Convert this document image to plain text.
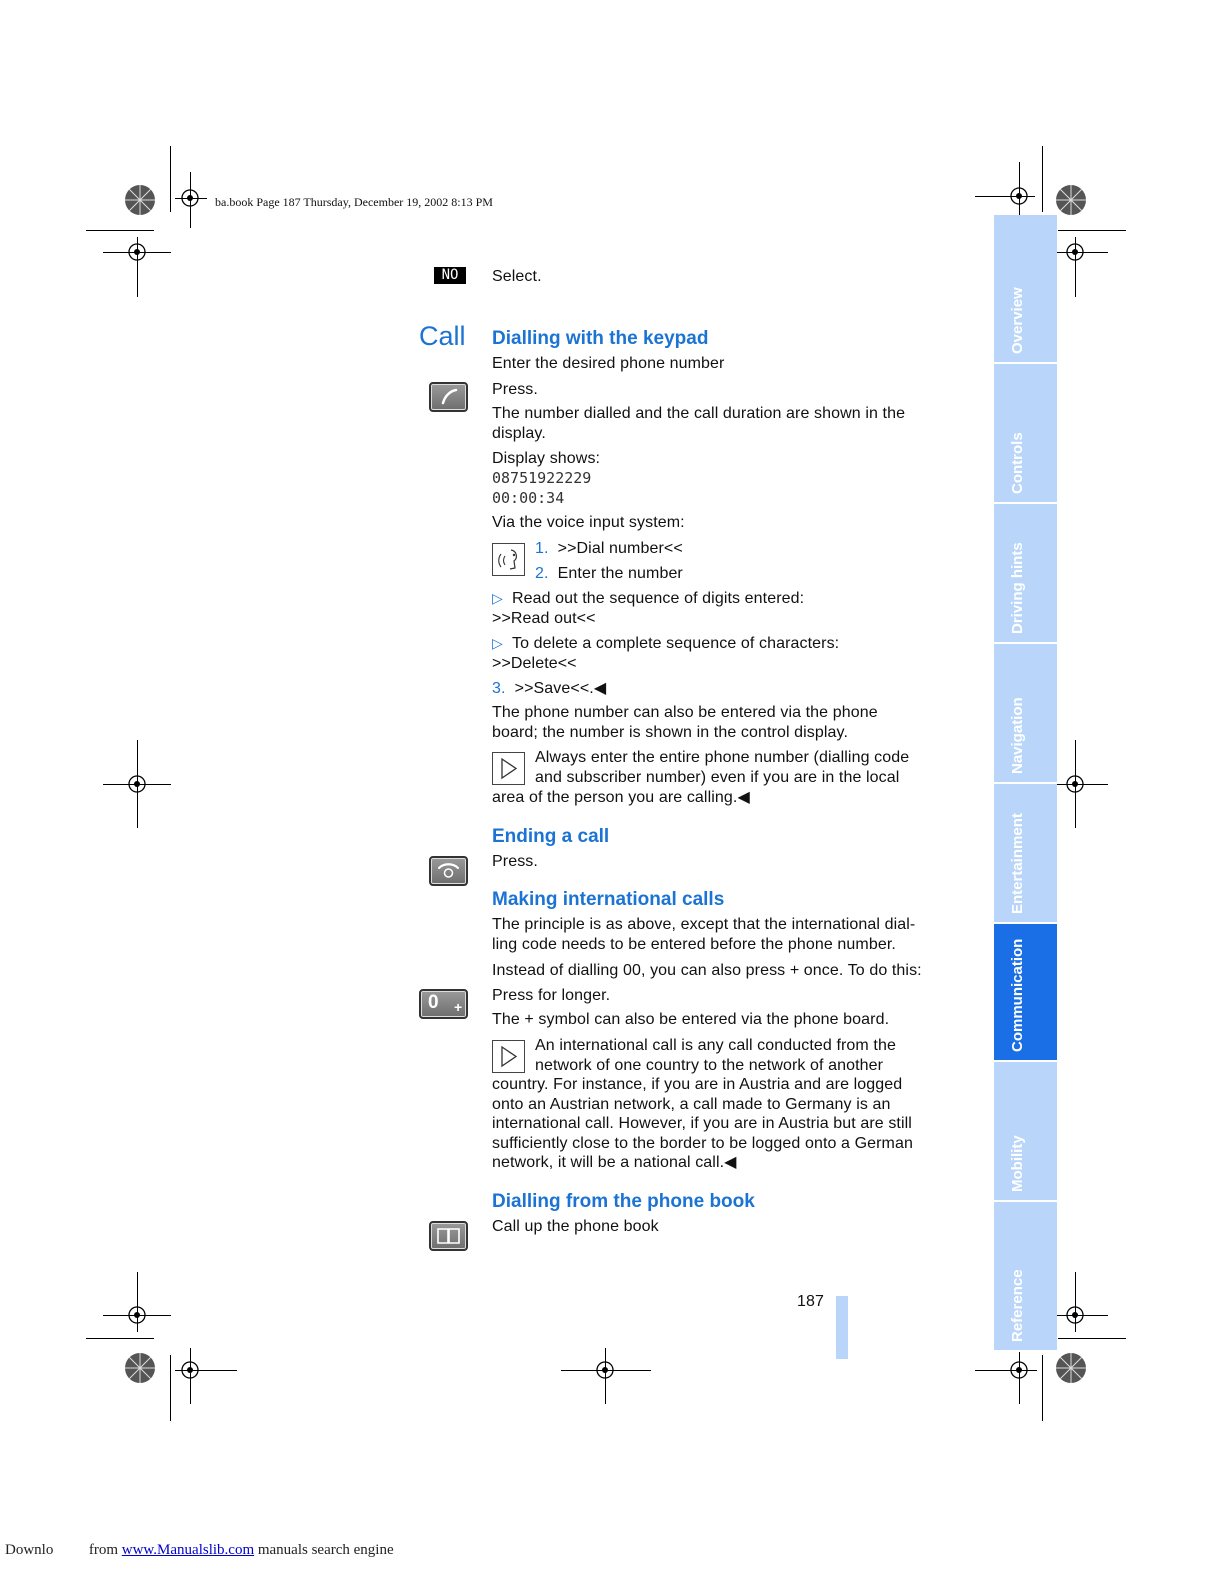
ba.book Page 187 Thursday, December 19, 2002 8:13 PM
Overview
Controls
Driving hints
Navigation
Entertainment
Communication
Mobility
Reference
NO	Select.
Call Dialling with the keypad
Enter the desired phone number
Press.
The number dialled and the call duration are shown in the
display.
Display shows:
08751922229
00:00:34
Via the voice input system:
1. >>Dial number<<
2. Enter the number
▷ Read out the sequence of digits entered:
>>Read out<<
▷ To delete a complete sequence of characters:
>>Delete<<
3. >>Save<<.◀
The phone number can also be entered via the phone
board; the number is shown in the control display.
Always enter the entire phone number (dialling code
and subscriber number) even if you are in the local
area of the person you are calling.◀
Ending a call
Press.
Making international calls
The principle is as above, except that the international dial-
ling code needs to be entered before the phone number.
Instead of dialling 00, you can also press + once. To do this:
0 +
Press for longer.
The + symbol can also be entered via the phone board.
An international call is any call conducted from the
network of one country to the network of another
country. For instance, if you are in Austria and are logged
onto an Austrian network, a call made to Germany is an
international call. However, if you are in Austria but are still
sufficiently close to the border to be logged onto a German
network, it will be a national call.◀
Dialling from the phone book
Call up the phone book
187
Downlo from www.Manualslib.com manuals search engine
